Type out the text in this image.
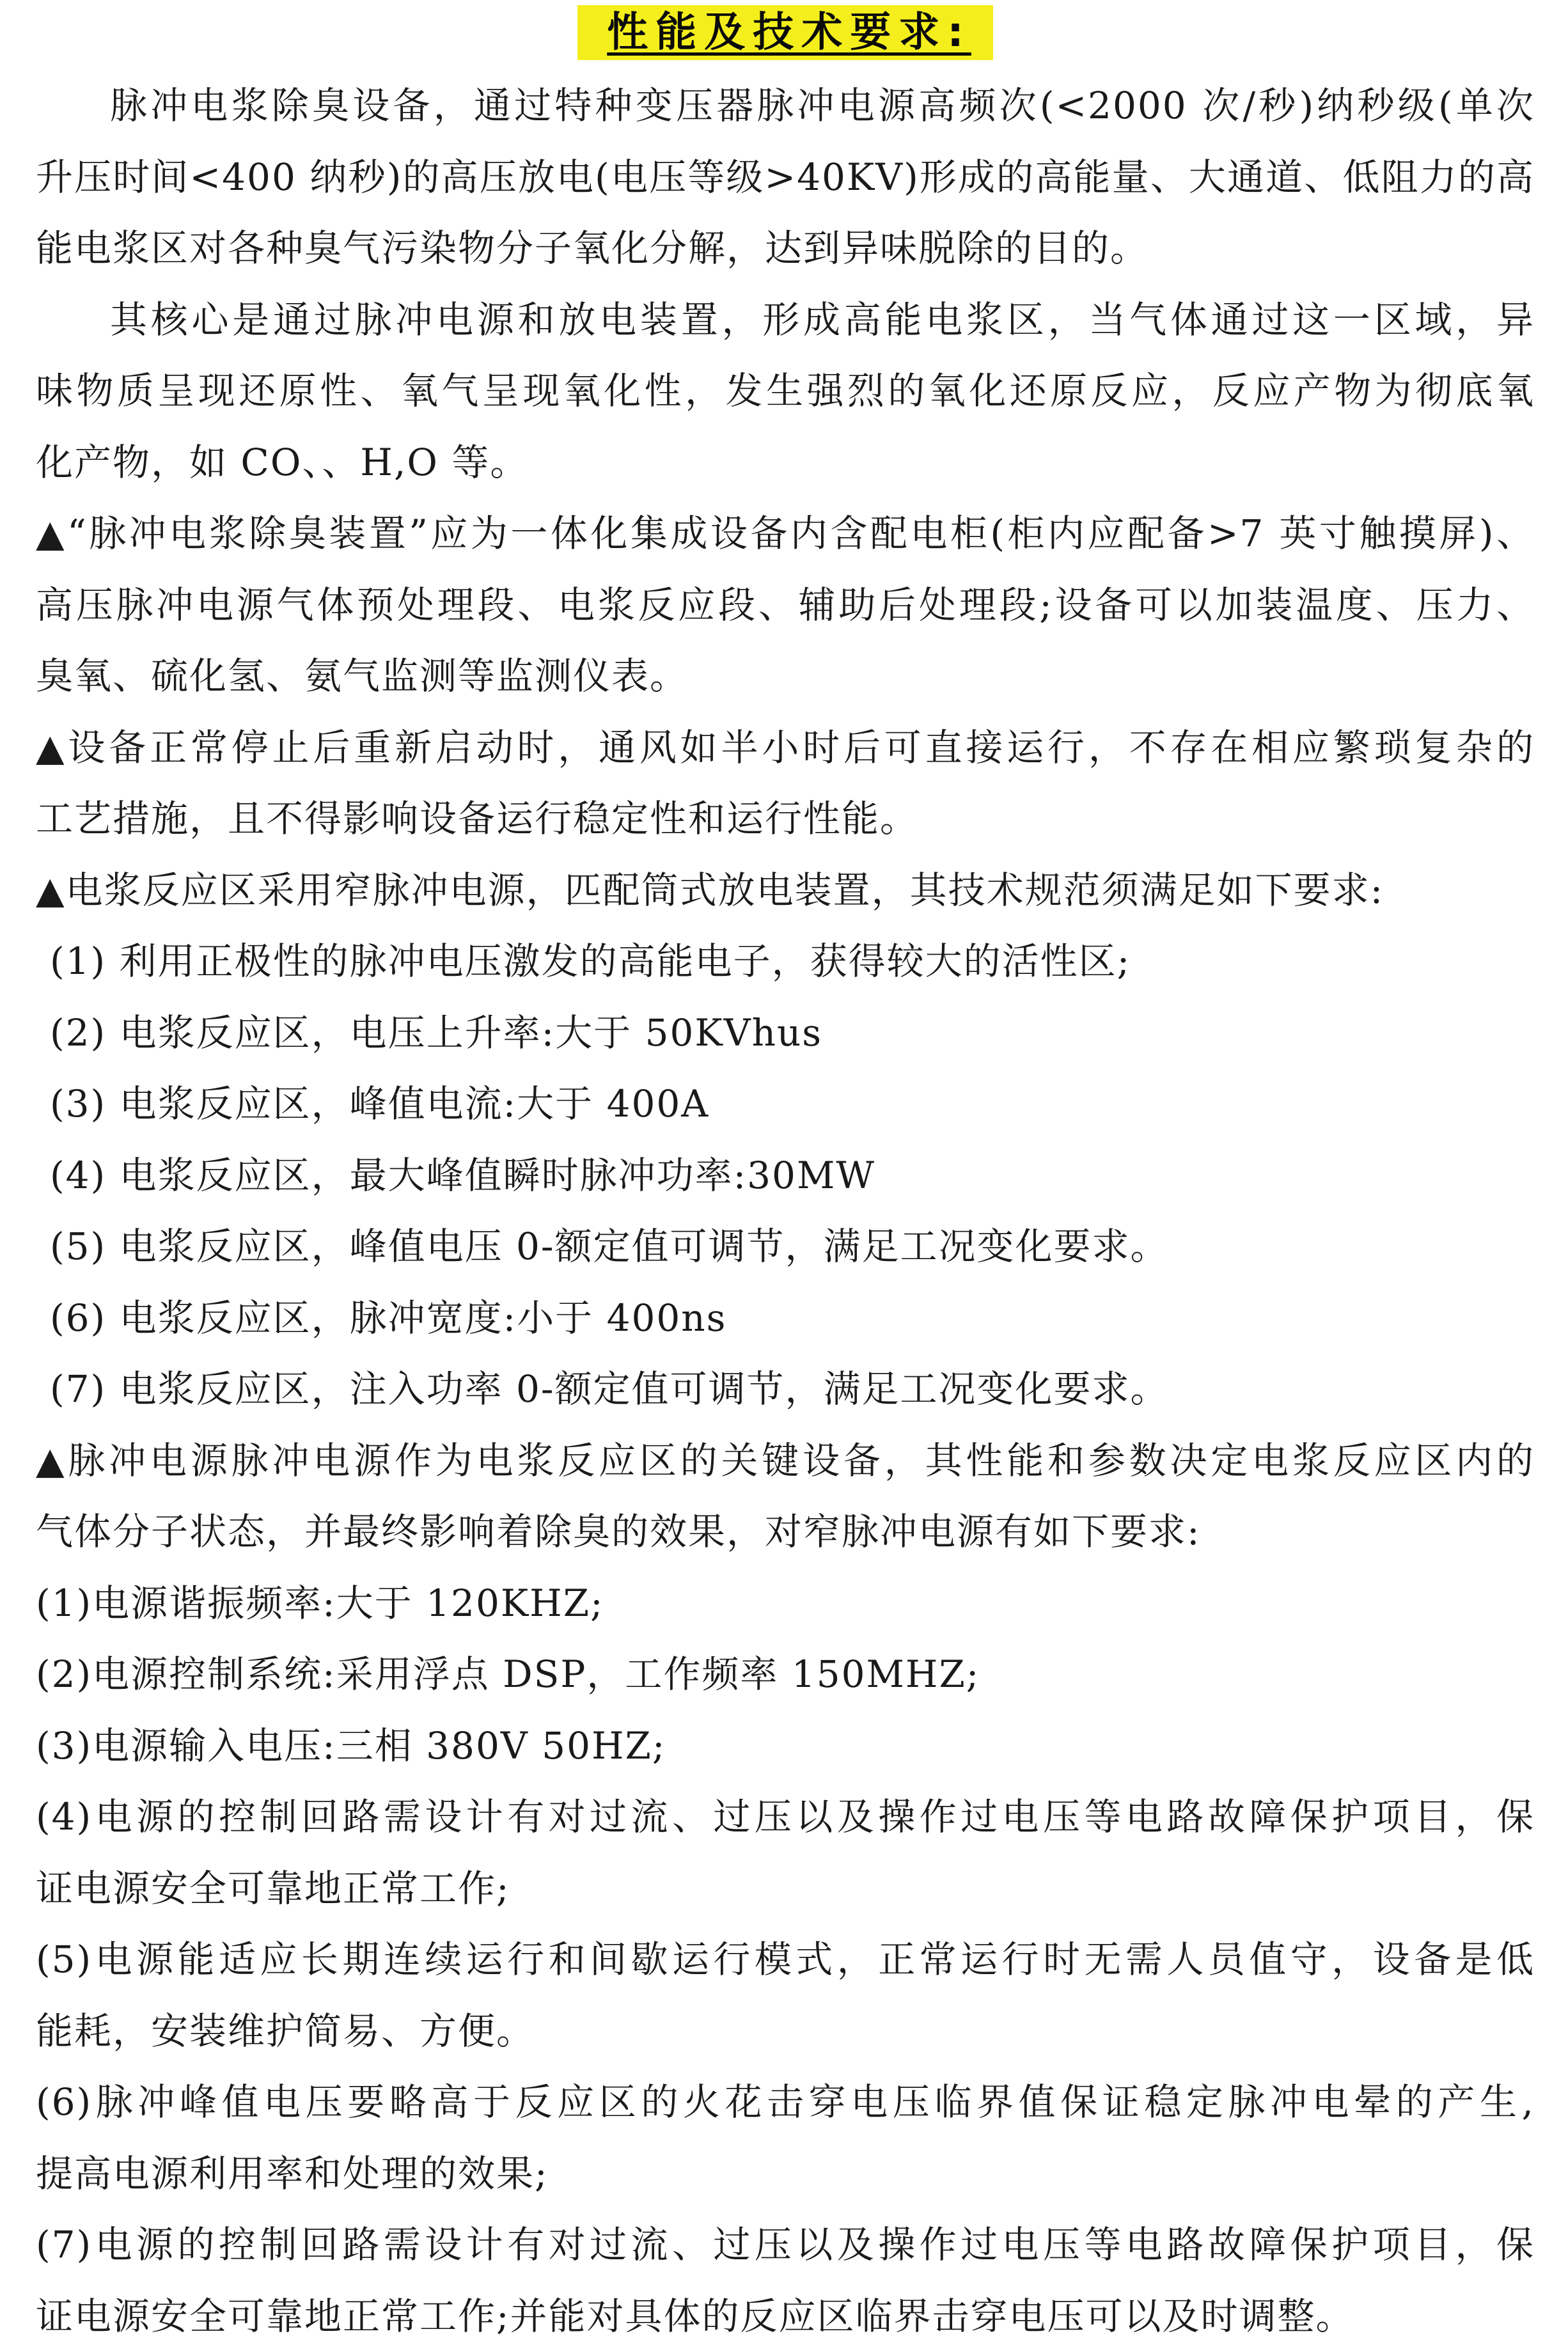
性能及技术要求:
脉冲电浆除臭设备，通过特种变压器脉冲电源高频次(<2000 次/秒)纳秒级(单次
升压时间<400 纳秒)的高压放电(电压等级>40KV)形成的高能量、大通道、低阻力的高
能电浆区对各种臭气污染物分子氧化分解，达到异味脱除的目的。
其核心是通过脉冲电源和放电装置，形成高能电浆区，当气体通过这一区域，异
味物质呈现还原性、氧气呈现氧化性，发生强烈的氧化还原反应，反应产物为彻底氧
化产物，如 CO、、H,O 等。
▲“脉冲电浆除臭装置”应为一体化集成设备内含配电柜(柜内应配备>7 英寸触摸屏)、
高压脉冲电源气体预处理段、电浆反应段、辅助后处理段;设备可以加装温度、压力、
臭氧、硫化氢、氨气监测等监测仪表。
▲设备正常停止后重新启动时，通风如半小时后可直接运行，不存在相应繁琐复杂的
工艺措施，且不得影响设备运行稳定性和运行性能。
▲电浆反应区采用窄脉冲电源，匹配筒式放电装置，其技术规范须满足如下要求:
(1) 利用正极性的脉冲电压激发的高能电子，获得较大的活性区;
(2) 电浆反应区，电压上升率:大于 50KVhus
(3) 电浆反应区，峰值电流:大于 400A
(4) 电浆反应区，最大峰值瞬时脉冲功率:30MW
(5) 电浆反应区，峰值电压 0-额定值可调节，满足工况变化要求。
(6) 电浆反应区，脉冲宽度:小于 400ns
(7) 电浆反应区，注入功率 0-额定值可调节，满足工况变化要求。
▲脉冲电源脉冲电源作为电浆反应区的关键设备，其性能和参数决定电浆反应区内的
气体分子状态，并最终影响着除臭的效果，对窄脉冲电源有如下要求:
(1)电源谐振频率:大于 120KHZ;
(2)电源控制系统:采用浮点 DSP，工作频率 150MHZ;
(3)电源输入电压:三相 380V 50HZ;
(4)电源的控制回路需设计有对过流、过压以及操作过电压等电路故障保护项目，保
证电源安全可靠地正常工作;
(5)电源能适应长期连续运行和间歇运行模式，正常运行时无需人员值守，设备是低
能耗，安装维护简易、方便。
(6)脉冲峰值电压要略高于反应区的火花击穿电压临界值保证稳定脉冲电晕的产生,
提高电源利用率和处理的效果;
(7)电源的控制回路需设计有对过流、过压以及操作过电压等电路故障保护项目，保
证电源安全可靠地正常工作;并能对具体的反应区临界击穿电压可以及时调整。
